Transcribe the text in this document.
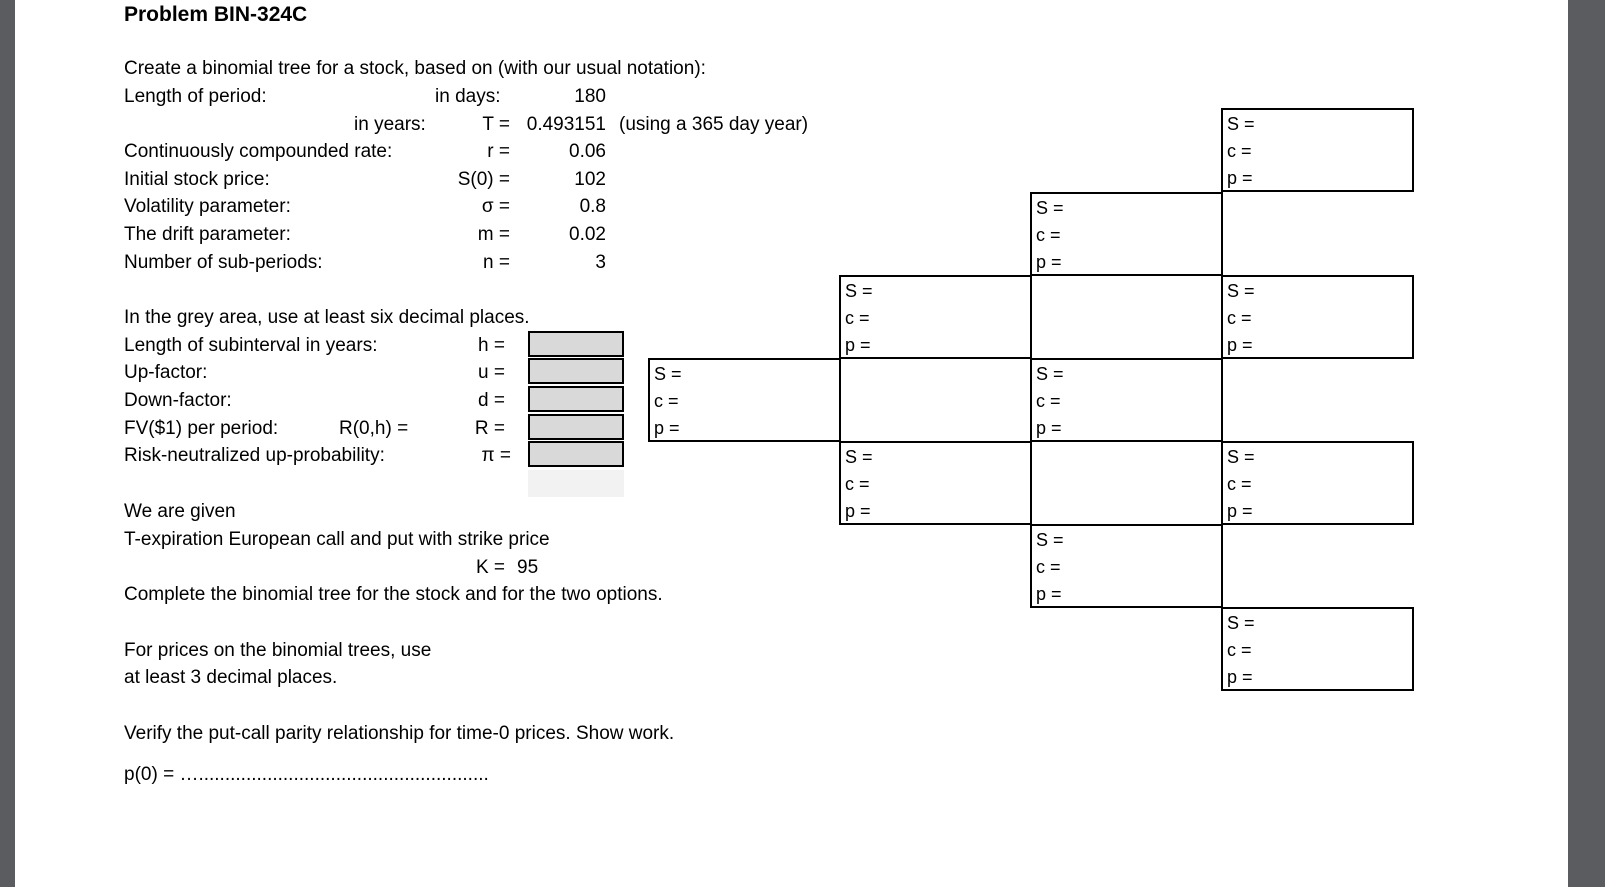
Problem BIN-324C
Create a binomial tree for a stock, based on (with our usual notation):
Length of period:	in days:	180
in years:	T = 0.493151 (using a 365 day year)
Continuously compounded rate:	r =	0.06
Initial stock price:	S(0) =	102
Volatility parameter:	σ =	0.8
The drift parameter:	m =	0.02
Number of sub-periods:	n =	3
In the grey area, use at least six decimal places.
Length of subinterval in years:	h =
Up-factor:	u =
Down-factor:	d =
FV($1) per period:	R(0,h) =	R =
Risk-neutralized up-probability:	π =
We are given
T-expiration European call and put with strike price
K = 95
Complete the binomial tree for the stock and for the two options.
For prices on the binomial trees, use
at least 3 decimal places.
Verify the put-call parity relationship for time-0 prices. Show work.
p(0) = ….......................................................
S =
c =
p =
S =
c =
p =
S =
c =
p =
S =
c =
p =
S =
c =
p =
S =
c =
p =
S =
c =
p =
S =
c =
p =
S =
c =
p =
S =
c =
p =
